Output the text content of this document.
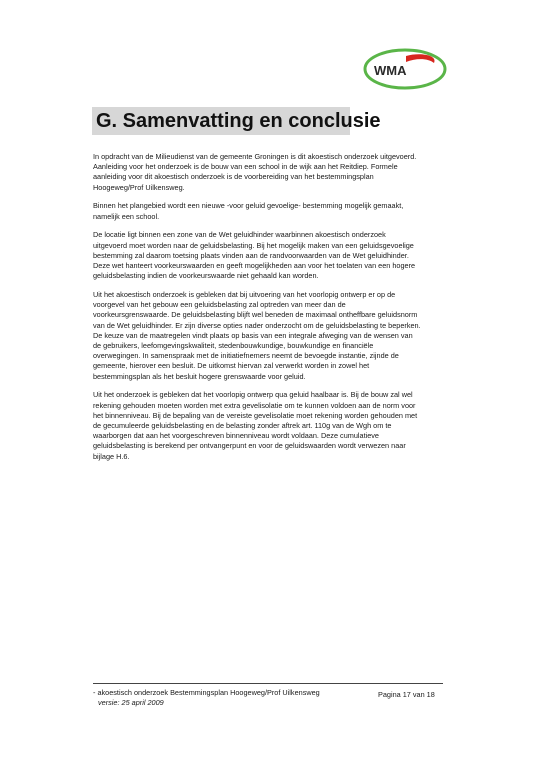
WMA
G. Samenvatting en conclusie
In opdracht van de Milieudienst van de gemeente Groningen is dit akoestisch onderzoek uitgevoerd.
Aanleiding voor het onderzoek is de bouw van een school in de wijk aan het Reitdiep. Formele
aanleiding voor dit akoestisch onderzoek is de voorbereiding van het bestemmingsplan
Hoogeweg/Prof Uilkensweg.
Binnen het plangebied wordt een nieuwe -voor geluid gevoelige- bestemming mogelijk gemaakt,
namelijk een school.
De locatie ligt binnen een zone van de Wet geluidhinder waarbinnen akoestisch onderzoek
uitgevoerd moet worden naar de geluidsbelasting. Bij het mogelijk maken van een geluidsgevoelige
bestemming zal daarom toetsing plaats vinden aan de randvoorwaarden van de Wet geluidhinder.
Deze wet hanteert voorkeurswaarden en geeft mogelijkheden aan voor het toelaten van een hogere
geluidsbelasting indien de voorkeurswaarde niet gehaald kan worden.
Uit het akoestisch onderzoek is gebleken dat bij uitvoering van het voorlopig ontwerp er op de
voorgevel van het gebouw een geluidsbelasting zal optreden van meer dan de
voorkeursgrenswaarde. De geluidsbelasting blijft wel beneden de maximaal ontheffbare geluidsnorm
van de Wet geluidhinder. Er zijn diverse opties nader onderzocht om de geluidsbelasting te beperken.
De keuze van de maatregelen vindt plaats op basis van een integrale afweging van de wensen van
de gebruikers, leefomgevingskwaliteit, stedenbouwkundige, bouwkundige en financiële
overwegingen. In samenspraak met de initiatiefnemers neemt de bevoegde instantie, zijnde de
gemeente, hierover een besluit. De uitkomst hiervan zal verwerkt worden in zowel het
bestemmingsplan als het besluit hogere grenswaarde voor geluid.
Uit het onderzoek is gebleken dat het voorlopig ontwerp qua geluid haalbaar is. Bij de bouw zal wel
rekening gehouden moeten worden met extra gevelisolatie om te kunnen voldoen aan de norm voor
het binnenniveau. Bij de bepaling van de vereiste gevelisolatie moet rekening worden gehouden met
de gecumuleerde geluidsbelasting en de belasting zonder aftrek art. 110g van de Wgh om te
waarborgen dat aan het voorgeschreven binnenniveau wordt voldaan. Deze cumulatieve
geluidsbelasting is berekend per ontvangerpunt en voor de geluidswaarden wordt verwezen naar
bijlage H.6.
- akoestisch onderzoek Bestemmingsplan Hoogeweg/Prof Uilkensweg
versie: 25 april 2009
Pagina 17 van 18
